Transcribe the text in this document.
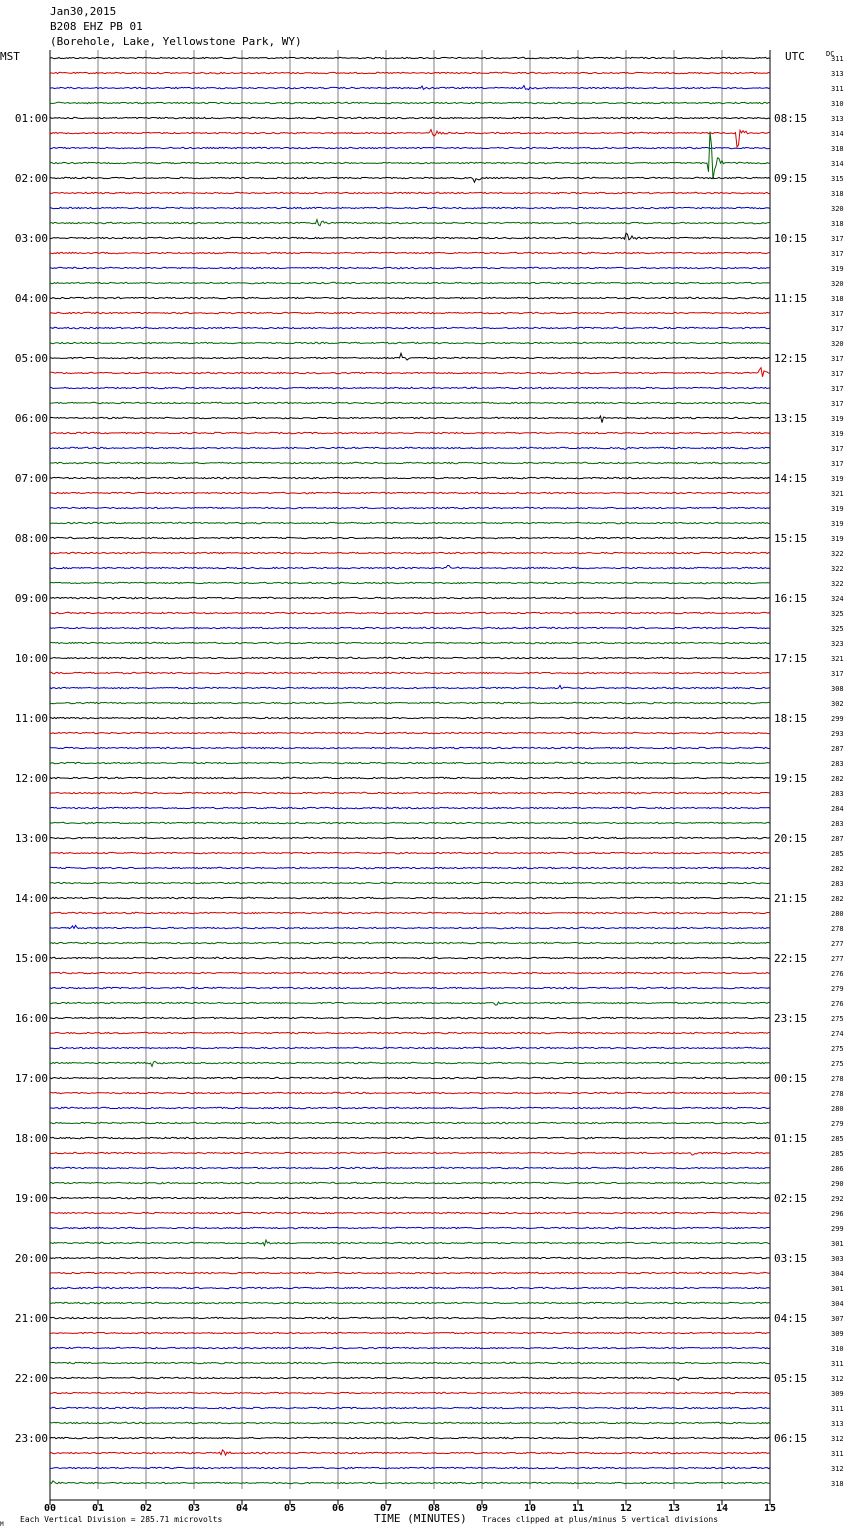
Jan30,2015
B208 EHZ PB 01
(Borehole, Lake, Yellowstone Park, WY)
00	01	02	03	04	05	06	07	08	09	10	11	12	13	14	15
01:00
02:00
03:00
04:00
05:00
06:00
07:00
08:00
09:00
10:00
11:00
12:00
13:00
14:00
15:00
16:00
17:00
18:00
19:00
20:00
21:00
22:00
23:00
08:15
09:15
10:15
11:15
12:15
13:15
14:15
15:15
16:15
17:15
18:15
19:15
20:15
21:15
22:15
23:15
00:15
01:15
02:15
03:15
04:15
05:15
06:15
311
313
311
310
313
314
318
314
315
318
320
318
317
317
319
320
318
317
317
320
317
317
317
317
319
319
317
317
319
321
319
319
319
322
322
322
324
325
325
323
321
317
308
302
299
293
287
283
282
283
284
283
287
285
282
283
282
280
278
277
277
276
279
276
275
274
275
275
278
278
280
279
285
285
286
290
292
296
299
301
303
304
301
304
307
309
310
311
312
309
311
313
312
311
312
318
MST	UTC	DC
TIME (MINUTES)
Each Vertical Division = 285.71 microvolts	Traces clipped at plus/minus 5 vertical divisions
M
